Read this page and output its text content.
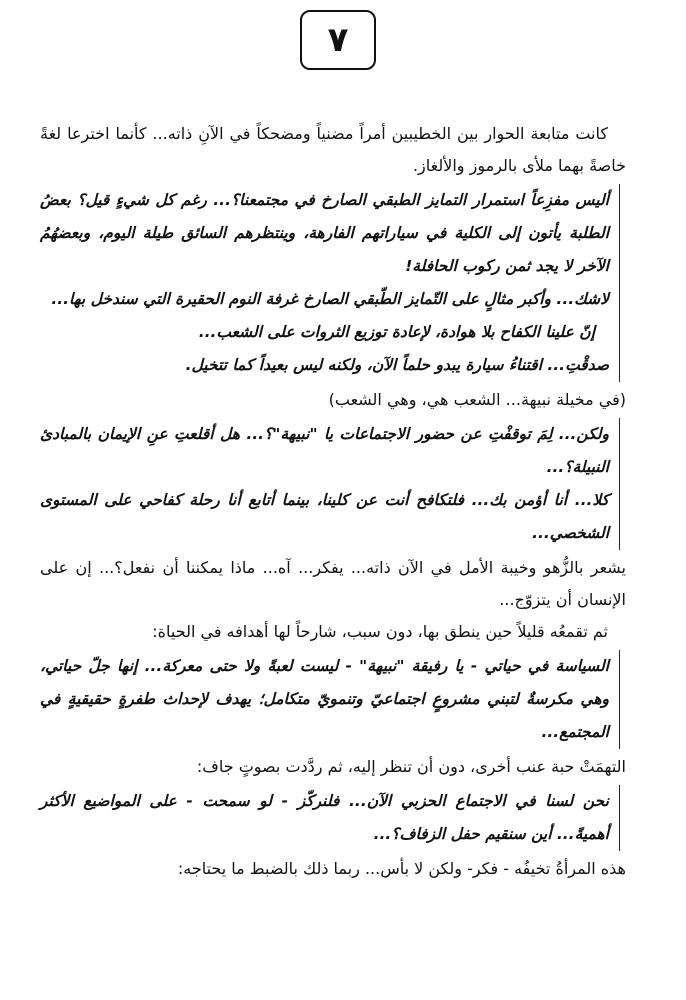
٧

كانت متابعة الحوار بين الخطيبين أمراً مضنياً ومضحكاً في الآنِ ذاته... كأنما اخترعا لغةً خاصةً بهما ملأى بالرموز والألغاز.

أليس مفزِعاً استمرار التمايز الطبقي الصارخ في مجتمعنا؟... رغم كل شيءٍ قيل؟ بعضُ الطلبة يأتون إلى الكلية في سياراتهم الفارهة، وينتظرهم السائق طيلة اليوم، وبعضهُمُ الآخر لا يجد ثمن ركوب الحافلة!
لاشك... وأكبر مثالٍ على التّمايز الطّبقي الصارخ غرفة النوم الحقيرة التي سندخل بها...
إنّ علينا الكفاح بلا هوادة، لإعادة توزيع الثروات على الشعب...
صدقْتِ... اقتناءُ سيارة يبدو حلماً الآن، ولكنه ليس بعيداً كما تتخيل.

(في مخيلة نبيهة... الشعب هي، وهي الشعب)

ولكن... لِمَ توقفْتِ عن حضور الاجتماعات يا "نبيهة"؟... هل أقلعتِ عنِ الإيمان بالمبادئ النبيلة؟...
كلا... أنا أؤمن بك... فلتكافح أنت عن كلينا، بينما أتابع أنا رحلة كفاحي على المستوى الشخصي...

يشعر بالزُّهو وخيبة الأمل في الآن ذاته... يفكر... آه... ماذا يمكننا أن نفعل؟... إن على الإنسان أن يتزوّج...

ثم تقمعُه قليلاً حين ينطق بها، دون سبب، شارحاً لها أهدافه في الحياة:

السياسة في حياتي - يا رفيقة "نبيهة" - ليست لعبةً ولا حتى معركة... إنها جلّ حياتي، وهي مكرسةٌ لتبني مشروعٍ اجتماعيّ وتنمويّ متكامل؛ يهدف لإحداث طفرةٍ حقيقيةٍ في المجتمع...

التهمَتْ حبة عنب أخرى، دون أن تنظر إليه، ثم ردَّدت بصوتٍ جاف:

نحن لسنا في الاجتماع الحزبي الآن... فلنركّز - لو سمحت - على المواضيع الأكثر أهميةً... أين سنقيم حفل الزفاف؟...

هذه المرأةُ تخيفُه - فكر- ولكن لا بأس... ربما ذلك بالضبط ما يحتاجه:
